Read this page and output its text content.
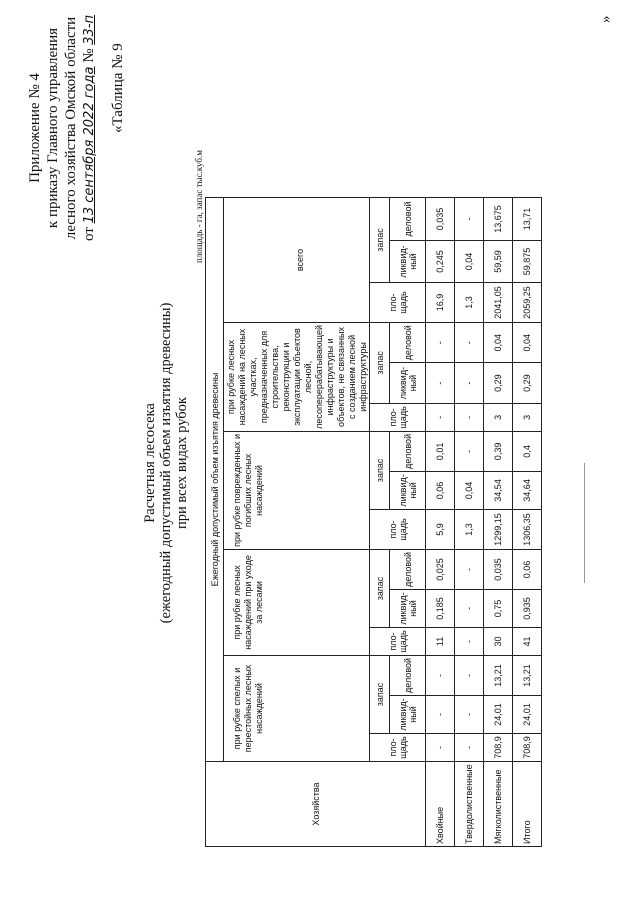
Приложение № 4 к приказу Главного управления лесного хозяйства Омской области от 13 сентября 2022 года № 33-п
«Таблица № 9
Расчетная лесосека (ежегодный допустимый объем изъятия древесины) при всех видах рубок
площадь - га, запас тыс.куб.м
Хозяйства	Ежегодный допустимый объем изъятия древесины														
	при рубке спелых и перестойных лесных насаждений			при рубке лесных насаждений при уходе за лесами			при рубке поврежденных и погибших лесных насаждений			при рубке лесных насаждений на лесных участках, предназначенных для строительства, реконструкции и эксплуатации объектов лесной, лесоперерабатывающей инфраструктуры и объектов, не связанных с созданием лесной инфраструктуры			всего		
	пло-щадь	запас		пло-щадь	запас		пло-щадь	запас		пло-щадь	запас		пло-щадь	запас	
		ликвид-ный	деловой		ликвид-ный	деловой		ликвид-ный	деловой		ликвид-ный	деловой		ликвид-ный	деловой
Хвойные	-	-	-	11	0,185	0,025	5,9	0,06	0,01	-	-	-	16,9	0,245	0,035
Твердолиственные	-	-	-	-	-	-	1,3	0,04	-	-	-	-	1,3	0,04	-
Мягколиственные	708,9	24,01	13,21	30	0,75	0,035	1299,15	34,54	0,39	3	0,29	0,04	2041,05	59,59	13,675
Итого	708,9	24,01	13,21	41	0,935	0,06	1306,35	34,64	0,4	3	0,29	0,04	2059,25	59,875	13,71
»
